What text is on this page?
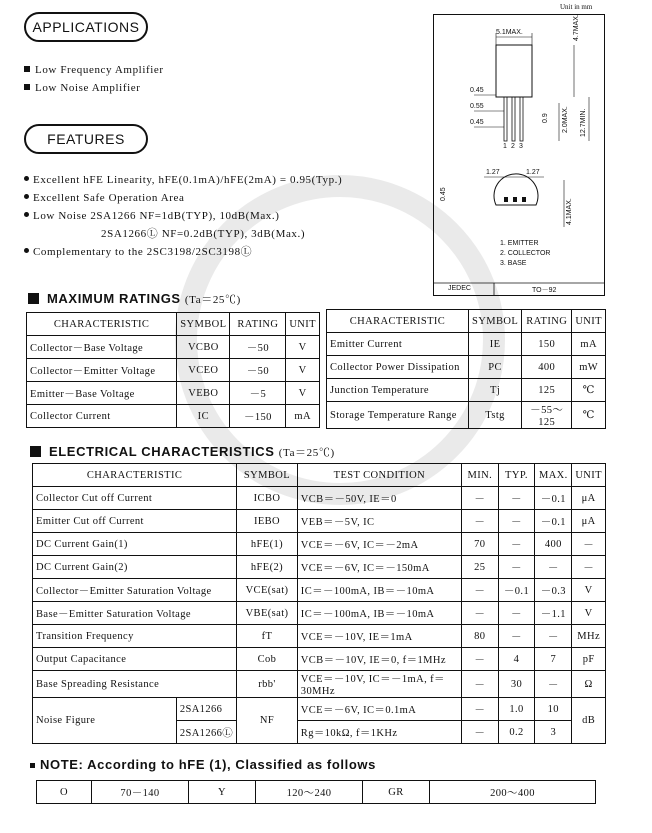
Unit in mm
APPLICATIONS
Low Frequency Amplifier
Low Noise Amplifier
FEATURES
Excellent hFE Linearity, hFE(0.1mA)/hFE(2mA) = 0.95(Typ.)
Excellent Safe Operation Area
Low Noise 2SA1266 NF=1dB(TYP), 10dB(Max.)
2SA1266Ⓛ NF=0.2dB(TYP), 3dB(Max.)
Complementary to the 2SC3198/2SC3198Ⓛ
5.1MAX.	4.7MAX.
0.45
0.55
0.45	0.9 2.0MAX. 12.7MIN.
1.27	1.27
0.45
4.1MAX.
1 2 3
1. EMITTER
2. COLLECTOR
3. BASE
JEDEC	TO－92
MAXIMUM RATINGS (Ta＝25℃)
CHARACTERISTIC	SYMBOL	RATING	UNIT
Collector－Base Voltage	VCBO	－50	V
Collector－Emitter Voltage	VCEO	－50	V
Emitter－Base Voltage	VEBO	－5	V
Collector Current	IC	－150	mA
CHARACTERISTIC	SYMBOL	RATING	UNIT
Emitter Current	IE	150	mA
Collector Power Dissipation	PC	400	mW
Junction Temperature	Tj	125	℃
Storage Temperature Range	Tstg	－55～125	℃
ELECTRICAL CHARACTERISTICS (Ta＝25℃)
CHARACTERISTIC		SYMBOL	TEST CONDITION	MIN.	TYP.	MAX.	UNIT
Collector Cut off Current		ICBO	VCB＝－50V, IE＝0	－	－	－0.1	μA
Emitter Cut off Current		IEBO	VEB＝－5V, IC	－	－	－0.1	μA
DC Current Gain(1)		hFE(1)	VCE＝－6V, IC＝－2mA	70	－	400	－
DC Current Gain(2)		hFE(2)	VCE＝－6V, IC＝－150mA	25	－	－	－
Collector－Emitter Saturation Voltage		VCE(sat)	IC＝－100mA, IB＝－10mA	－	－0.1	－0.3	V
Base－Emitter Saturation Voltage		VBE(sat)	IC＝－100mA, IB＝－10mA	－	－	－1.1	V
Transition Frequency		fT	VCE＝－10V, IE＝1mA	80	－	－	MHz
Output Capacitance		Cob	VCB＝－10V, IE＝0, f＝1MHz	－	4	7	pF
Base Spreading Resistance		rbb'	VCE＝－10V, IC＝－1mA, f＝30MHz	－	30	－	Ω
Noise Figure	2SA1266	NF	VCE＝－6V, IC＝0.1mA	－	1.0	10	dB
	2SA1266Ⓛ		Rg＝10kΩ, f＝1KHz	－	0.2	3	
NOTE: According to hFE (1), Classified as follows
O	70－140	Y	120～240	GR	200～400
